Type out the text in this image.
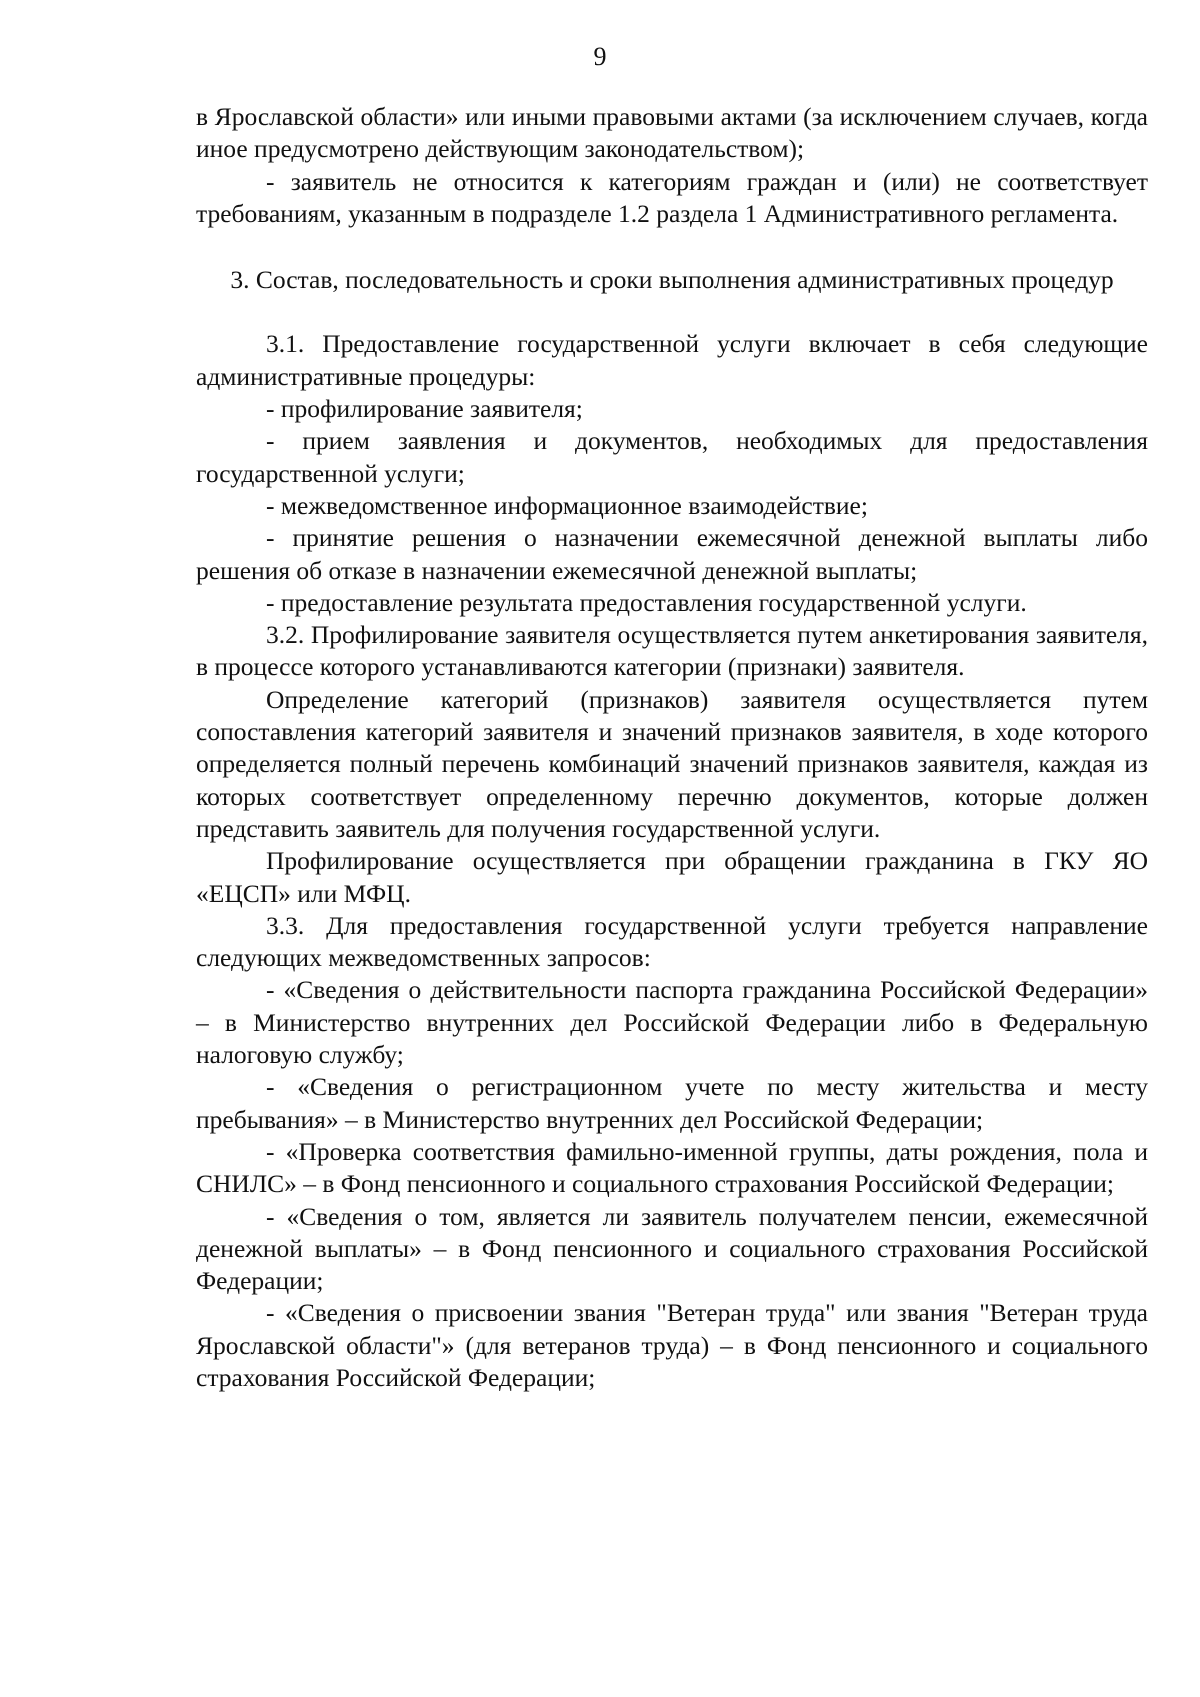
9

в Ярославской области» или иными правовыми актами (за исключением случаев, когда иное предусмотрено действующим законодательством);

- заявитель не относится к категориям граждан и (или) не соответствует требованиям, указанным в подразделе 1.2 раздела 1 Административного регламента.

3. Состав, последовательность и сроки выполнения административных процедур

3.1. Предоставление государственной услуги включает в себя следующие административные процедуры:

- профилирование заявителя;

- прием заявления и документов, необходимых для предоставления государственной услуги;

- межведомственное информационное взаимодействие;

- принятие решения о назначении ежемесячной денежной выплаты либо решения об отказе в назначении ежемесячной денежной выплаты;

- предоставление результата предоставления государственной услуги.

3.2. Профилирование заявителя осуществляется путем анкетирования заявителя, в процессе которого устанавливаются категории (признаки) заявителя.

Определение категорий (признаков) заявителя осуществляется путем сопоставления категорий заявителя и значений признаков заявителя, в ходе которого определяется полный перечень комбинаций значений признаков заявителя, каждая из которых соответствует определенному перечню документов, которые должен представить заявитель для получения государственной услуги.

Профилирование осуществляется при обращении гражданина в ГКУ ЯО «ЕЦСП» или МФЦ.

3.3. Для предоставления государственной услуги требуется направление следующих межведомственных запросов:

- «Сведения о действительности паспорта гражданина Российской Федерации» – в Министерство внутренних дел Российской Федерации либо в Федеральную налоговую службу;

- «Сведения о регистрационном учете по месту жительства и месту пребывания» – в Министерство внутренних дел Российской Федерации;

- «Проверка соответствия фамильно-именной группы, даты рождения, пола и СНИЛС» – в Фонд пенсионного и социального страхования Российской Федерации;

- «Сведения о том, является ли заявитель получателем пенсии, ежемесячной денежной выплаты» – в Фонд пенсионного и социального страхования Российской Федерации;

- «Сведения о присвоении звания "Ветеран труда" или звания "Ветеран труда Ярославской области"» (для ветеранов труда) – в Фонд пенсионного и социального страхования Российской Федерации;
